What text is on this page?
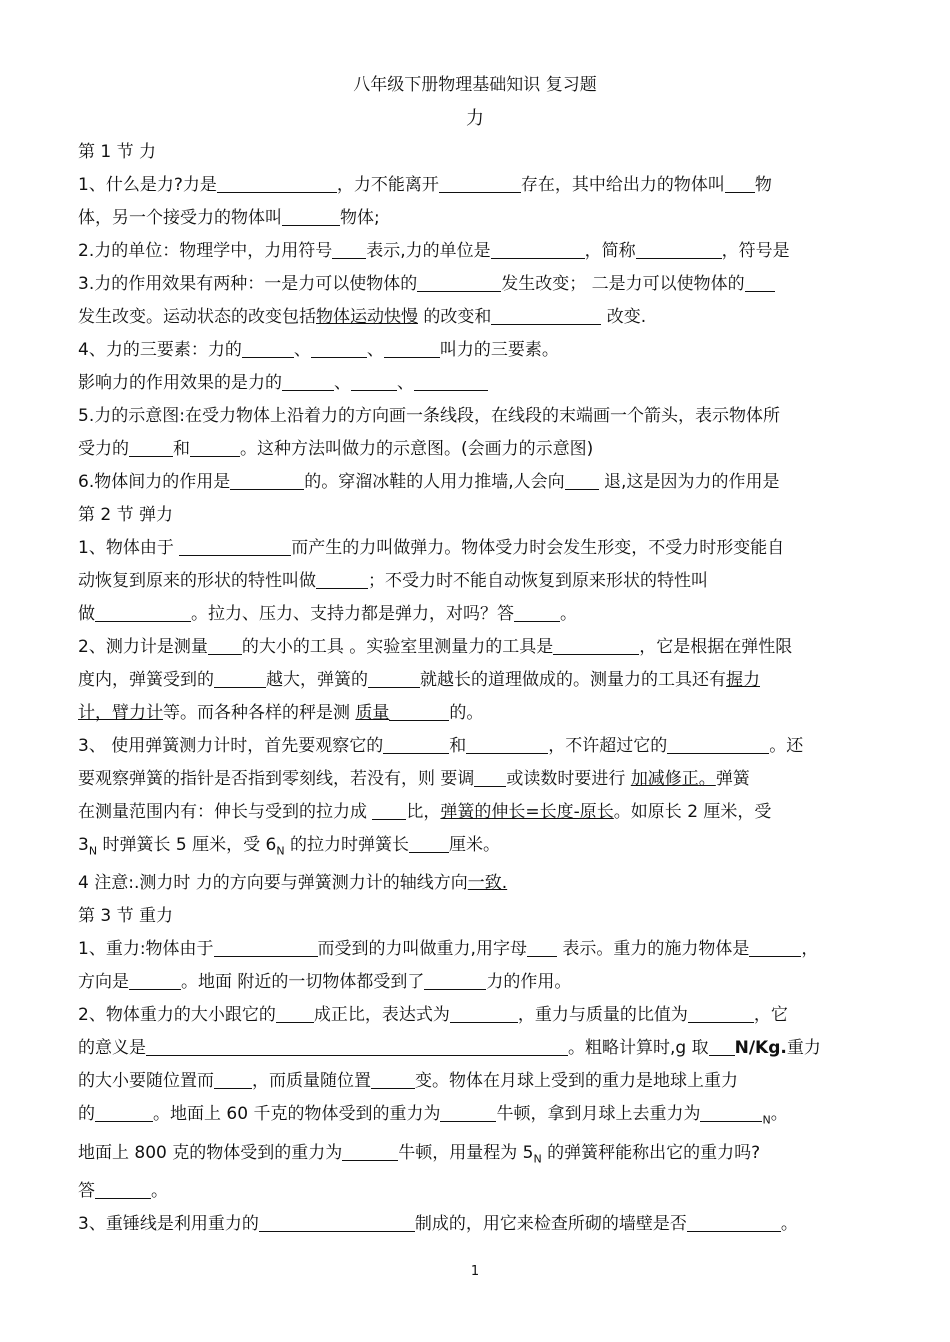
八年级下册物理基础知识 复习题
力
第 1 节 力
1、什么是力?力是	，力不能离开	存在，其中给出力的物体叫 物
体，另一个接受力的物体叫	物体;
2.力的单位：物理学中，力用符号 表示,力的单位是	，简称	，符号是
3.力的作用效果有两种：一是力可以使物体的	发生改变； 二是力可以使物体的
发生改变。运动状态的改变包括物体运动快慢 的改变和	改变.
4、力的三要素：力的	、	、	叫力的三要素。
影响力的作用效果的是力的	、	、
5.力的示意图:在受力物体上沿着力的方向画一条线段，在线段的末端画一个箭头，表示物体所
受力的	和	。这种方法叫做力的示意图。(会画力的示意图)
6.物体间力的作用是	的。穿溜冰鞋的人用力推墙,人会向 退,这是因为力的作用是
第 2 节 弹力
1、物体由于	而产生的力叫做弹力。物体受力时会发生形变，不受力时形变能自
动恢复到原来的形状的特性叫做	；不受力时不能自动恢复到原来形状的特性叫
做	。拉力、压力、支持力都是弹力，对吗？答	。
2、测力计是测量 的大小的工具 。实验室里测量力的工具是	，它是根据在弹性限
度内，弹簧受到的	越大，弹簧的	就越长的道理做成的。测量力的工具还有握力
计，臂力计等。而各种各样的秤是测 质量	的。
3、 使用弹簧测力计时，首先要观察它的	和	，不许超过它的	。还
要观察弹簧的指针是否指到零刻线，若没有，则 要调 或读数时要进行 加减修正。弹簧
在测量范围内有：伸长与受到的拉力成 比，弹簧的伸长=长度-原长。如原长 2 厘米，受
$3_N$ 时弹簧长 5 厘米，受 $6_N$ 的拉力时弹簧长 厘米。
4 注意:.测力时 力的方向要与弹簧测力计的轴线方向一致.
第 3 节 重力
1、重力:物体由于	而受到的力叫做重力,用字母 表示。重力的施力物体是	，
方向是	。地面 附近的一切物体都受到了	力的作用。
2、物体重力的大小跟它的 成正比，表达式为	，重力与质量的比值为	，它
的意义是	。粗略计算时,g 取 N/Kg.重力
的大小要随位置而 ，而质量随位置	变。物体在月球上受到的重力是地球上重力
的	。地面上 60 千克的物体受到的重力为	牛顿，拿到月球上去重力为	$_N$。
地面上 800 克的物体受到的重力为	牛顿，用量程为 $5_N$ 的弹簧秤能称出它的重力吗?
答	。
3、重锤线是利用重力的	制成的，用它来检查所砌的墙壁是否	。
1
